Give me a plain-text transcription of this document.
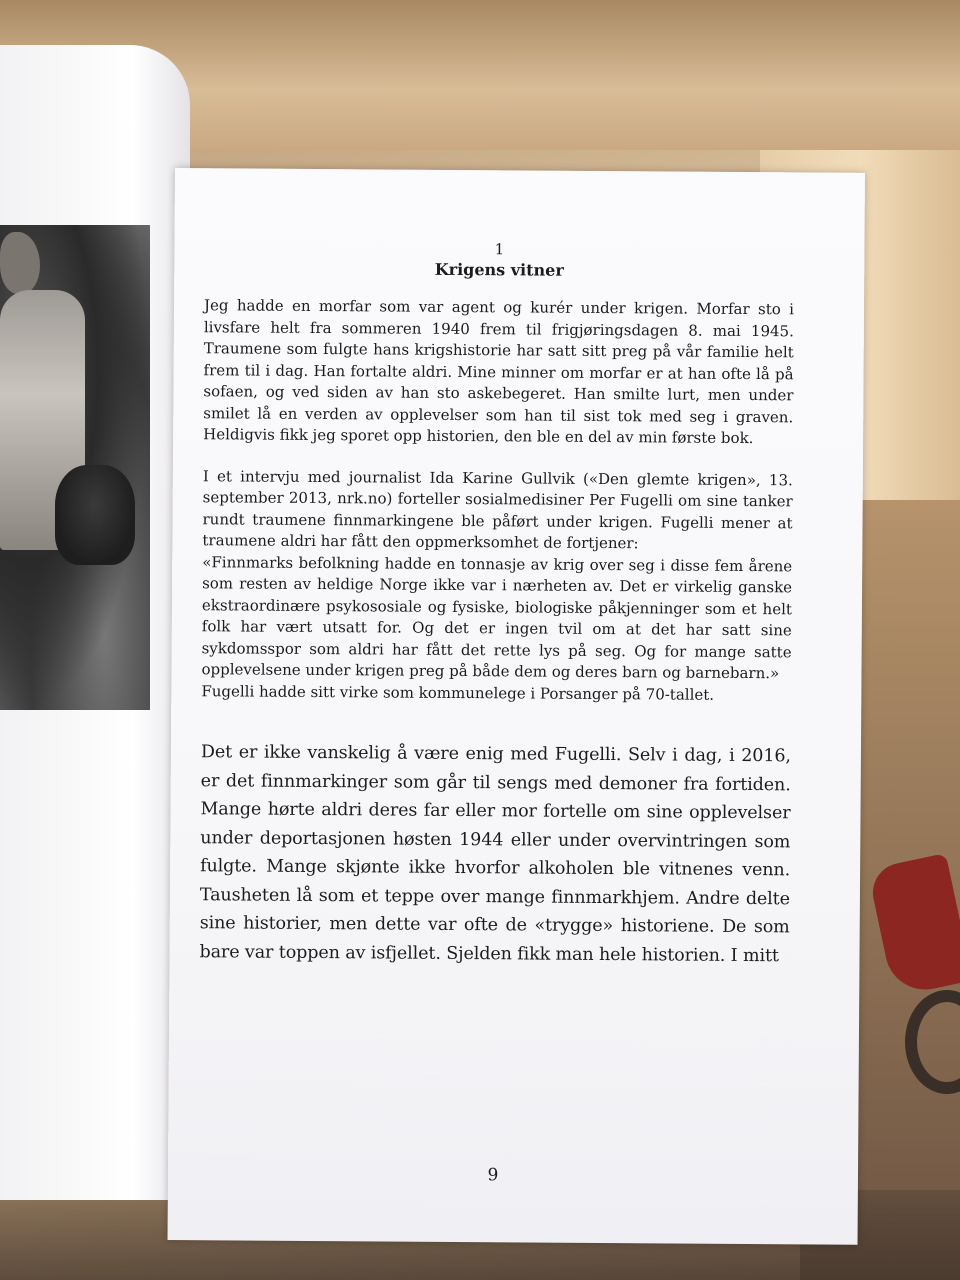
1
Krigens vitner

Jeg hadde en morfar som var agent og kurér under krigen. Morfar sto i livsfare helt fra sommeren 1940 frem til frigjøringsdagen 8. mai 1945. Traumene som fulgte hans krigshistorie har satt sitt preg på vår familie helt frem til i dag. Han fortalte aldri. Mine minner om morfar er at han ofte lå på sofaen, og ved siden av han sto askebegeret. Han smilte lurt, men under smilet lå en verden av opplevelser som han til sist tok med seg i graven. Heldigvis fikk jeg sporet opp historien, den ble en del av min første bok.

I et intervju med journalist Ida Karine Gullvik («Den glemte krigen», 13. september 2013, nrk.no) forteller sosialmedisiner Per Fugelli om sine tanker rundt traumene finnmarkingene ble påført under krigen. Fugelli mener at traumene aldri har fått den oppmerksomhet de fortjener:

«Finnmarks befolkning hadde en tonnasje av krig over seg i disse fem årene som resten av heldige Norge ikke var i nærheten av. Det er virkelig ganske ekstraordinære psykososiale og fysiske, biologiske påkjenninger som et helt folk har vært utsatt for. Og det er ingen tvil om at det har satt sine sykdomsspor som aldri har fått det rette lys på seg. Og for mange satte opplevelsene under krigen preg på både dem og deres barn og barnebarn.»

Fugelli hadde sitt virke som kommunelege i Porsanger på 70-tallet.

Det er ikke vanskelig å være enig med Fugelli. Selv i dag, i 2016, er det finnmarkinger som går til sengs med demoner fra fortiden. Mange hørte aldri deres far eller mor fortelle om sine opplevelser under deportasjonen høsten 1944 eller under overvintringen som fulgte. Mange skjønte ikke hvorfor alkoholen ble vitnenes venn. Tausheten lå som et teppe over mange finnmarkhjem. Andre delte sine historier, men dette var ofte de «trygge» historiene. De som bare var toppen av isfjellet. Sjelden fikk man hele historien. I mitt

9
